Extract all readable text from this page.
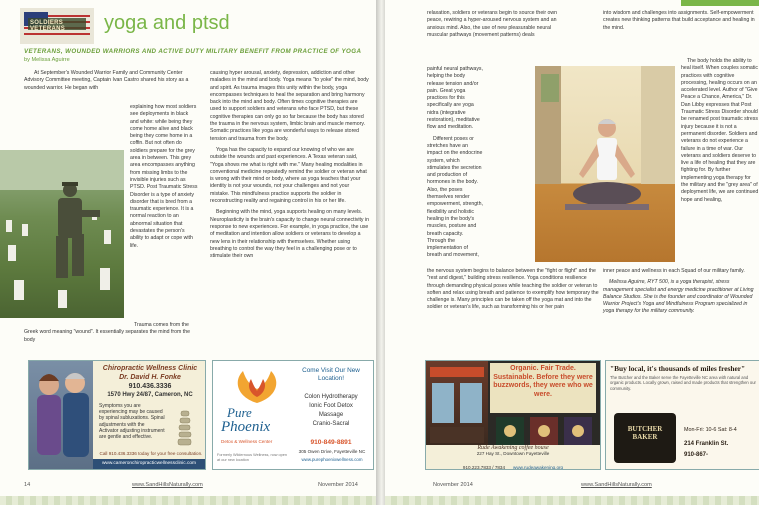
SOLDIERS VETERANS	yoga and ptsd
VETERANS, WOUNDED WARRIORS AND ACTIVE DUTY MILITARY BENEFIT FROM PRACTICE OF YOGA
by Melissa Aguirre

At September's Wounded Warrior Family and Community Center Advisory Committee meeting, Captain Ivan Castro shared his story as a wounded warrior. He began with

explaining how most soldiers see deployments in black and white: while being they come home alive and black being they come home in a coffin. But not often do soldiers prepare for the grey area in between. This grey area encompasses anything from missing limbs to the invisible injuries such as PTSD. Post Traumatic Stress Disorder is a type of anxiety disorder that is bred from a traumatic experience. It is a normal reaction to an abnormal situation that devastates the person's ability to adapt or cope with life.

Trauma comes from the Greek word meaning "wound". It essentially separates the mind from the body

causing hyper arousal, anxiety, depression, addiction and other maladies in the mind and body. Yoga means "to yoke" the mind, body and spirit. As trauma images this unity within the body, yoga encompasses techniques to heal the separation and bring harmony back into the mind and body. Often times cognitive therapies are used to support soldiers and veterans who face PTSD, but these cognitive therapies can only go so far because the body has stored the trauma in the nervous system, limbic brain and muscle memory. Somatic practices like yoga are wonderful ways to release stored tension and trauma from the body.

Yoga has the capacity to expand our knowing of who we are outside the wounds and past experiences. A Texas veteran said, "Yoga shows me what is right with me." Many healing modalities in conventional medicine repeatedly remind the soldier or veteran what is wrong with their mind or body, where as yoga teaches that your identity is not your wounds, not your challenges and not your mistake. This mindfulness practice supports the soldier in reconstructing reality and regaining control in his or her life.

Beginning with the mind, yoga supports healing on many levels. Neuroplasticity is the brain's capacity to change neural connectivity in response to new experiences. For example, in yoga practice, the use of meditation and intention allow soldiers or veterans to develop a new lens in their relationship with themselves. Whether using breathing to control the way they feel in a challenging pose or to stimulate their own

Chiropractic Wellness Clinic
Dr. David H. Fonke
910.436.3336
1570 Hwy 24/87, Cameron, NC
Symptoms you are experiencing may be caused by spinal subluxations. Spinal adjustments with the Activator adjusting instrument are gentle and effective.
Call 910.436.3336 today for your free consultation.
www.cameronchiropracticwellnessclinic.com
Pure
Phoenix
Detox & Wellness Center
Formerly Wildernous Wellness, now open at our new location
Come Visit Our New Location!
Colon Hydrotherapy
Ionic Foot Detox
Massage
Cranio-Sacral
910-849-8891
305 Owen Drive, Fayetteville NC
www.purephoenixwellness.com
14	www.SandHillsNaturally.com	November 2014

relaxation, soldiers or veterans begin to source their own peace, rewiring a hyper-aroused nervous system and an anxious mind. Also, the use of new pleasurable neural muscular pathways (movement patterns) deals

painful neural pathways, helping the body release tension and/or pain. Great yoga practices for this specifically are yoga nidra (integrative restoration), meditative flow and meditation.

Different poses or stretches have an impact on the endocrine system, which stimulates the secretion and production of hormones in the body. Also, the poses themselves render empowerment, strength, flexibility and holistic healing in the body's muscles, posture and breath capacity. Through the implementation of breath and movement,

the nervous system begins to balance between the "fight or flight" and the "rest and digest," building stress resilience. Yoga conditions resilience through demanding physical poses while teaching the soldier or veteran to soften and relax using breath and patience to exemplify how temporary the challenge is. Many principles can be taken off the yoga mat and into the soldier or veteran's life, such as transforming his or her pain

into wisdom and challenges into assignments. Self-empowerment creates new thinking patterns that build acceptance and healing in the mind.

The body holds the ability to heal itself. When couples somatic practices with cognitive processing, healing occurs on an accelerated level. Author of "Give Peace a Chance, America," Dr. Dan Libby expresses that Post Traumatic Stress Disorder should be renamed post traumatic stress injury because it is not a permanent disorder. Soldiers and veterans do not experience a failure in a time of war. Our veterans and soldiers deserve to live a life of healing that they are fighting for. By further implementing yoga therapy for the military and the "grey area" of deployment life, we are continued hope and healing,

inner peace and wellness in each Squad of our military family.

Melissa Aguirre, RYT 500, is a yoga therapist, stress management specialist and energy medicine practitioner at Living Balance Studios. She is the founder and coordinator of Wounded Warrior Project's Yoga and Mindfulness Program specialized in yoga therapy for the military community.

Organic. Fair Trade. Sustainable. Before they were buzzwords, they were who we were.
Rude Awakening coffee house
227 Hay St., Downtown Fayetteville
910.223.7833 / 7834 www.rudeawakening.org
"Buy local, it's thousands of miles fresher"
The Butcher and the Baker serve the Fayetteville NC area with natural and organic products. Locally grown, raised and made products that strengthen our community.
BUTCHER
BAKER
Mon-Fri: 10-6 Sat: 8-4
214 Franklin St.
910-867-
November 2014	www.SandHillsNaturally.com
